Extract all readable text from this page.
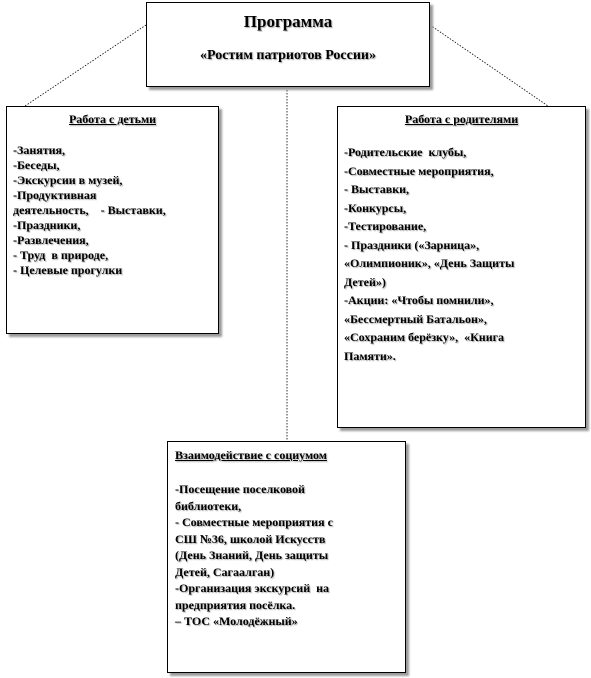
Программа
«Ростим патриотов России»
Работа с детьми
-Занятия,
-Беседы,
-Экскурсии в музей,
-Продуктивная
деятельность,    - Выставки,
-Праздники,
-Развлечения,
- Труд  в природе,
- Целевые прогулки
Работа с родителями
-Родительские  клубы,
-Совместные мероприятия,
- Выставки,
-Конкурсы,
-Тестирование,
- Праздники («Зарница»,
«Олимпионик», «День Защиты
Детей»)
-Акции: «Чтобы помнили»,
«Бессмертный Батальон»,
«Сохраним берёзку»,  «Книга
Памяти».
Взаимодействие с социумом
-Посещение поселковой
библиотеки,
- Совместные мероприятия с
СШ №36, школой Искусств
(День Знаний, День защиты
Детей, Сагаалган)
-Организация экскурсий  на
предприятия посёлка.
– ТОС «Молодёжный»
